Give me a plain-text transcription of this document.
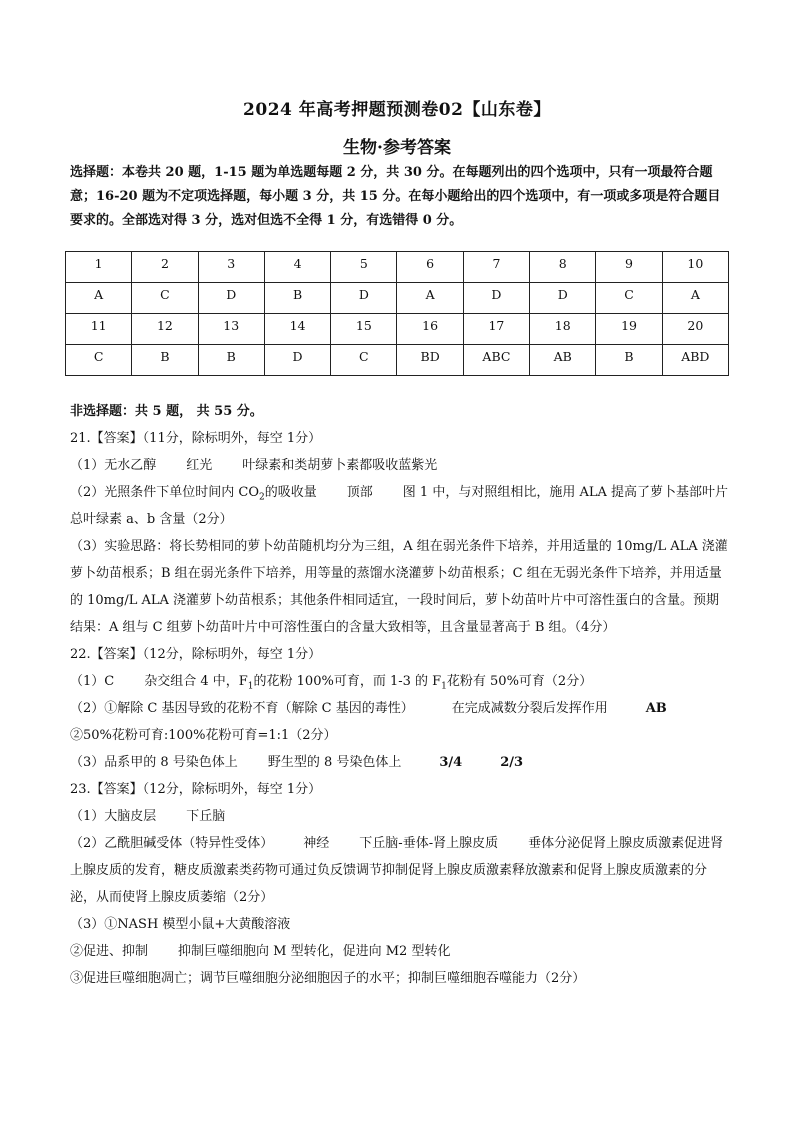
2024 年高考押题预测卷02【山东卷】
生物·参考答案
选择题：本卷共 20 题，1-15 题为单选题每题 2 分，共 30 分。在每题列出的四个选项中，只有一项最符合题意；16-20 题为不定项选择题，每小题 3 分，共 15 分。在每小题给出的四个选项中，有一项或多项是符合题目要求的。全部选对得 3 分，选对但选不全得 1 分，有选错得 0 分。
1	2	3	4	5	6	7	8	9	10
A	C	D	B	D	A	D	D	C	A
11	12	13	14	15	16	17	18	19	20
C	B	B	D	C	BD	ABC	AB	B	ABD
非选择题：共 5 题， 共 55 分。
21.【答案】（11分，除标明外，每空 1分）
（1）无水乙醇 红光 叶绿素和类胡萝卜素都吸收蓝紫光
（2）光照条件下单位时间内 $CO_2$的吸收量 顶部 图 1 中，与对照组相比，施用 ALA 提高了萝卜基部叶片总叶绿素 a、b 含量（2分）
（3）实验思路：将长势相同的萝卜幼苗随机均分为三组，A 组在弱光条件下培养，并用适量的 10mg/L ALA 浇灌萝卜幼苗根系；B 组在弱光条件下培养，用等量的蒸馏水浇灌萝卜幼苗根系；C 组在无弱光条件下培养，并用适量的 10mg/L ALA 浇灌萝卜幼苗根系；其他条件相同适宜，一段时间后，萝卜幼苗叶片中可溶性蛋白的含量。预期结果：A 组与 C 组萝卜幼苗叶片中可溶性蛋白的含量大致相等，且含量显著高于 B 组。（4分）
22.【答案】（12分，除标明外，每空 1分）
（1）C 杂交组合 4 中，$F_1$的花粉 100%可育，而 1-3 的 $F_1$花粉有 50%可育（2分）
（2）①解除 C 基因导致的花粉不育（解除 C 基因的毒性）	在完成减数分裂后发挥作用	AB
②50%花粉可育:100%花粉可育=1:1（2分）
（3）品系甲的 8 号染色体上 野生型的 8 号染色体上	3/4	2/3
23.【答案】（12分，除标明外，每空 1分）
（1）大脑皮层 下丘脑
（2）乙酰胆碱受体（特异性受体） 神经 下丘脑-垂体-肾上腺皮质 垂体分泌促肾上腺皮质激素促进肾上腺皮质的发育，糖皮质激素类药物可通过负反馈调节抑制促肾上腺皮质激素释放激素和促肾上腺皮质激素的分泌，从而使肾上腺皮质萎缩（2分）
（3）①NASH 模型小鼠+大黄酸溶液
②促进、抑制 抑制巨噬细胞向 M 型转化，促进向 M2 型转化
③促进巨噬细胞凋亡；调节巨噬细胞分泌细胞因子的水平；抑制巨噬细胞吞噬能力（2分）
